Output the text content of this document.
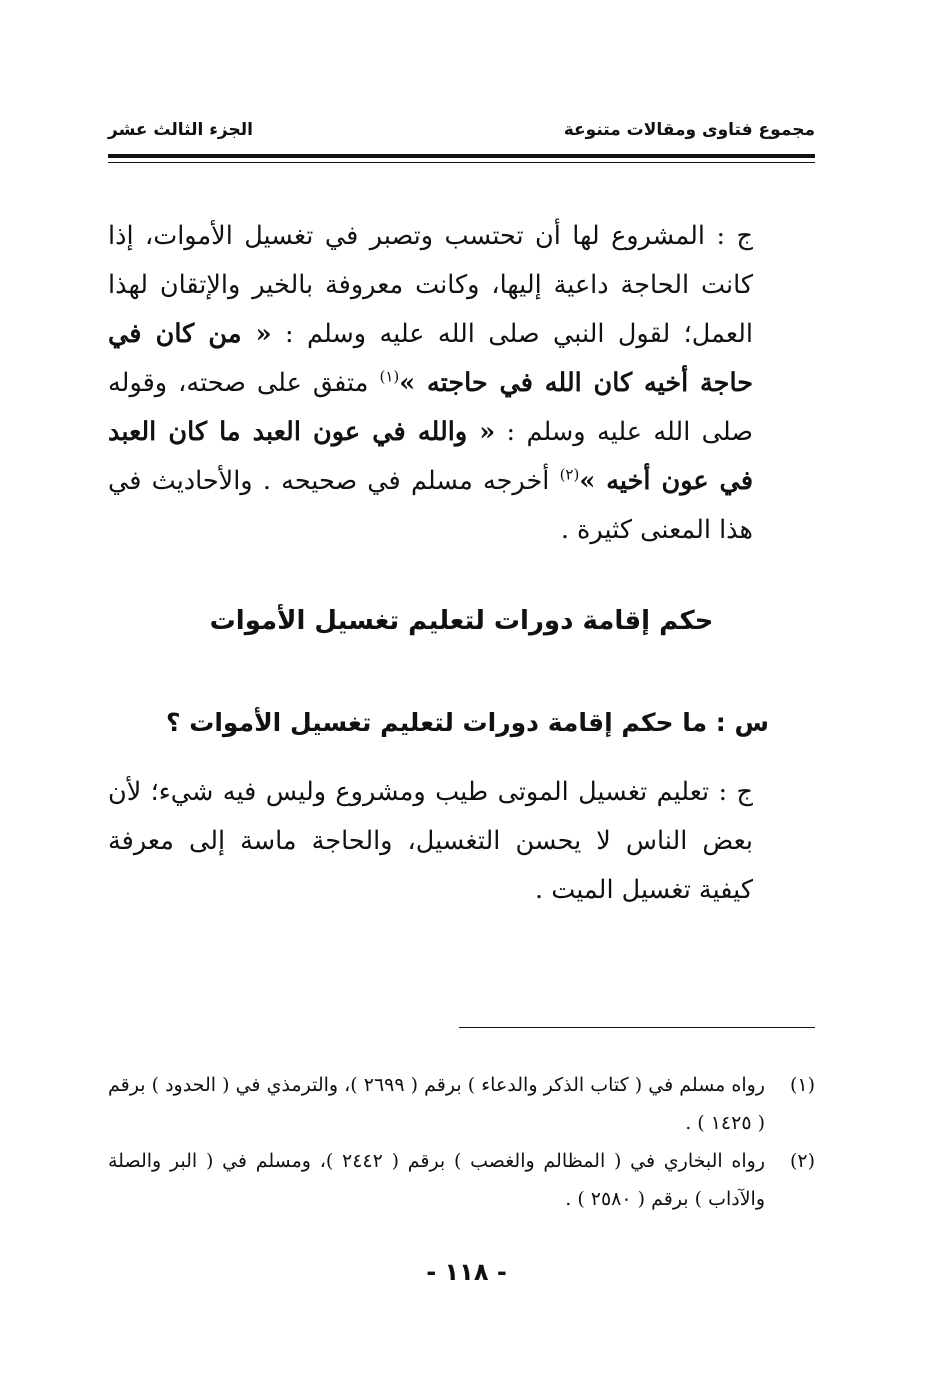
مجموع فتاوى ومقالات متنوعة
الجزء الثالث عشر
ج : المشروع لها أن تحتسب وتصبر في تغسيل الأموات، إذا كانت الحاجة داعية إليها، وكانت معروفة بالخير والإتقان لهذا العمل؛ لقول النبي صلى الله عليه وسلم : « من كان في حاجة أخيه كان الله في حاجته »$^{(١)}$ متفق على صحته، وقوله صلى الله عليه وسلم : « والله في عون العبد ما كان العبد في عون أخيه »$^{(٢)}$ أخرجه مسلم في صحيحه . والأحاديث في هذا المعنى كثيرة .
حكم إقامة دورات لتعليم تغسيل الأموات
س : ما حكم إقامة دورات لتعليم تغسيل الأموات ؟
ج : تعليم تغسيل الموتى طيب ومشروع وليس فيه شيء؛ لأن بعض الناس لا يحسن التغسيل، والحاجة ماسة إلى معرفة كيفية تغسيل الميت .
(١)
رواه مسلم في ( كتاب الذكر والدعاء ) برقم ( ٢٦٩٩ )، والترمذي في ( الحدود ) برقم ( ١٤٢٥ ) .
(٢)
رواه البخاري في ( المظالم والغصب ) برقم ( ٢٤٤٢ )، ومسلم في ( البر والصلة والآداب ) برقم ( ٢٥٨٠ ) .
- ١١٨ -
